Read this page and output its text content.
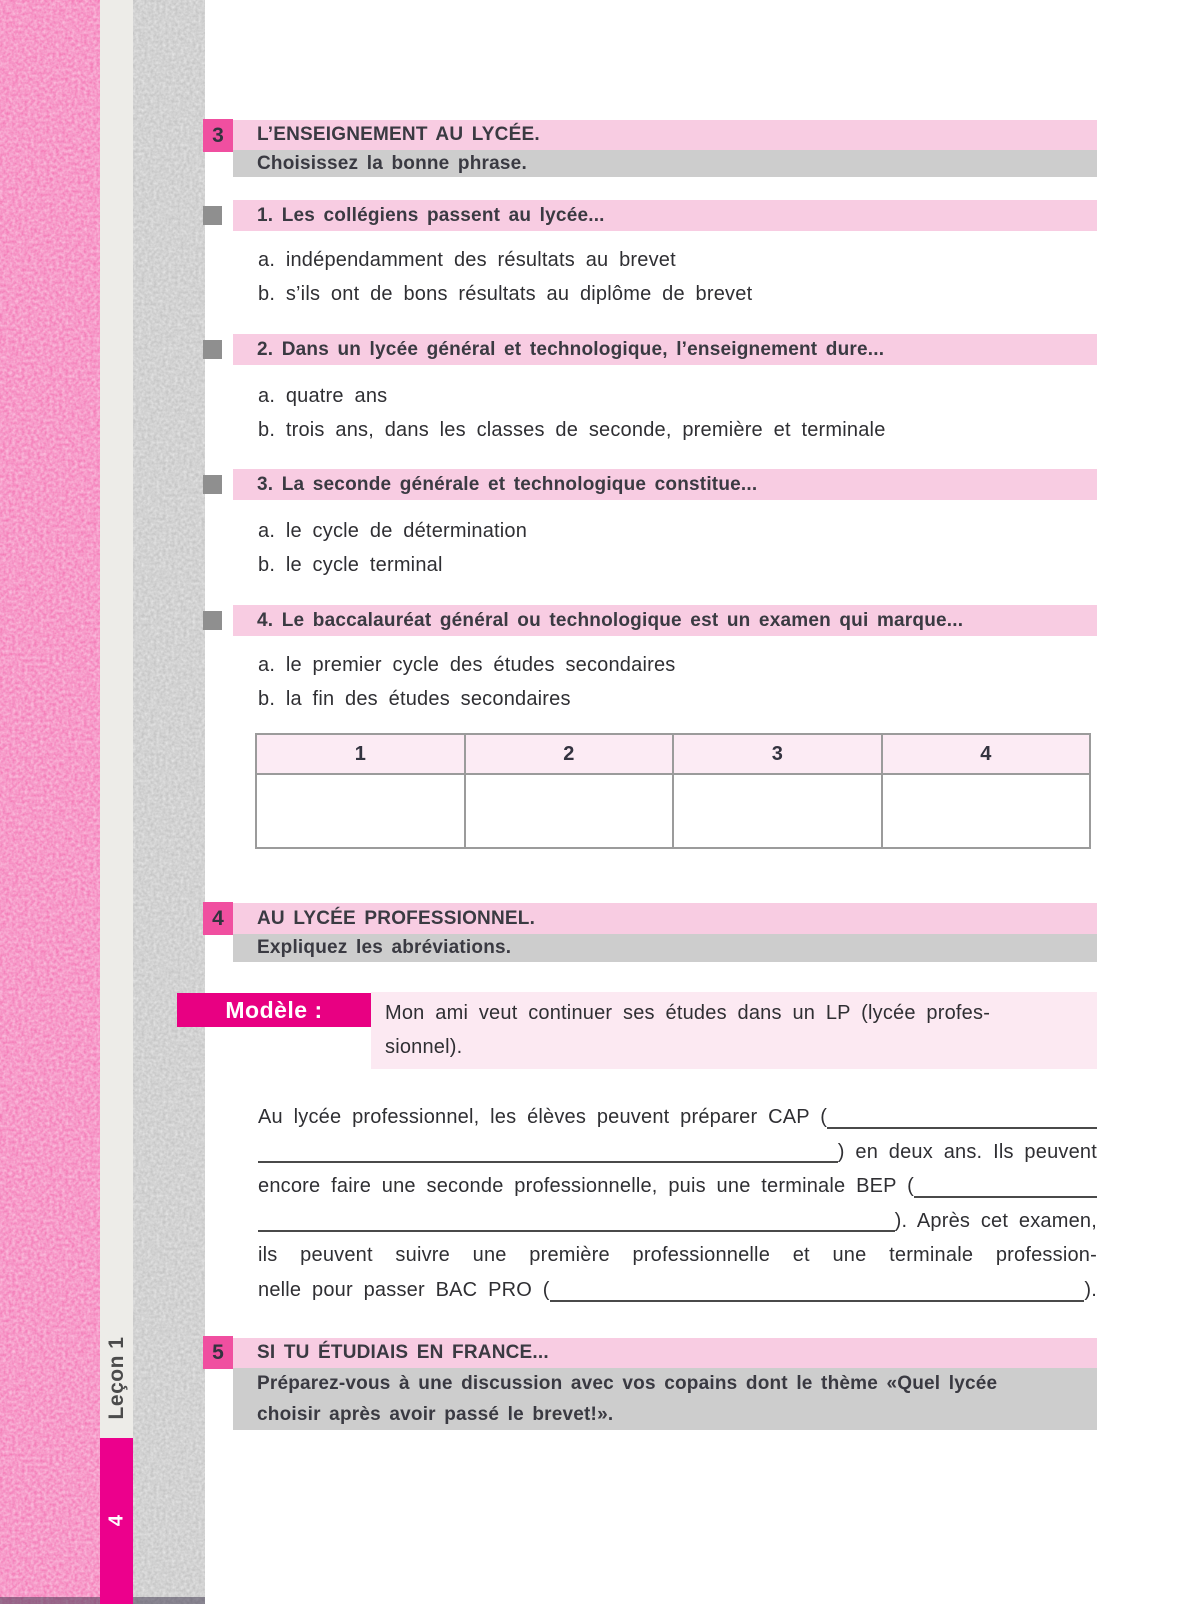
Leçon 1
4
3	L’ENSEIGNEMENT AU LYCÉE.
Choisissez la bonne phrase.
1. Les collégiens passent au lycée...
a. indépendamment des résultats au brevet
b. s’ils ont de bons résultats au diplôme de brevet
2. Dans un lycée général et technologique, l’enseignement dure...
a. quatre ans
b. trois ans, dans les classes de seconde, première et terminale
3. La seconde générale et technologique constitue...
a. le cycle de détermination
b. le cycle terminal
4. Le baccalauréat général ou technologique est un examen qui marque...
a. le premier cycle des études secondaires
b. la fin des études secondaires
1	2	3	4

4	AU LYCÉE PROFESSIONNEL.
Expliquez les abréviations.
Modèle :	Mon ami veut continuer ses études dans un LP (lycée profes-
sionnel).
Au lycée professionnel, les élèves peuvent préparer CAP (
) en deux ans. Ils peuvent
encore faire une seconde professionnelle, puis une terminale BEP (
). Après cet examen,
ils peuvent suivre une première professionnelle et une terminale profession-
nelle pour passer BAC PRO (	).
5	SI TU ÉTUDIAIS EN FRANCE...
Préparez-vous à une discussion avec vos copains dont le thème «Quel lycée
choisir après avoir passé le brevet!».
